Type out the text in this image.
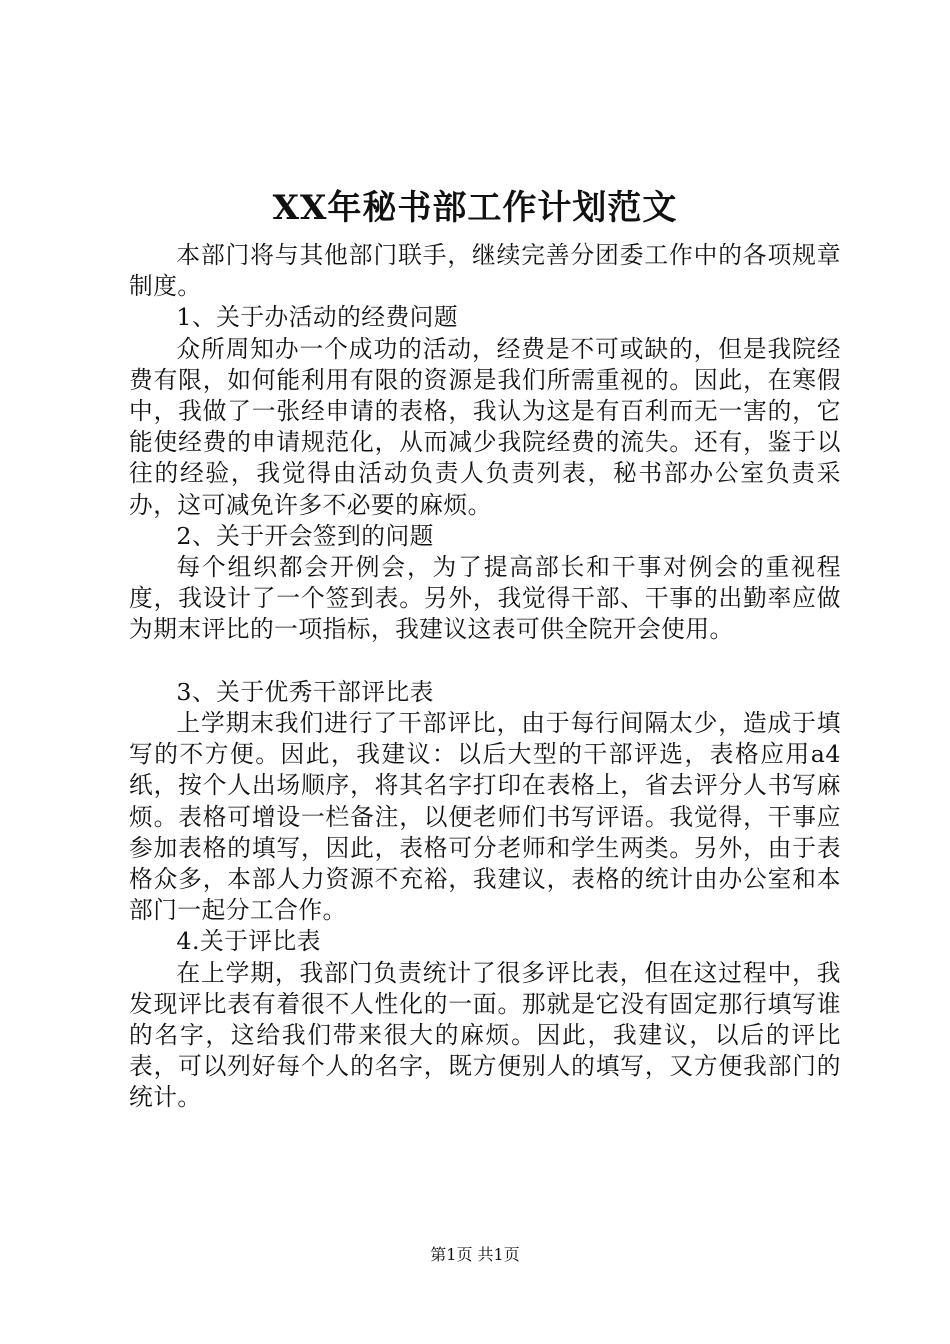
XX年秘书部工作计划范文

本部门将与其他部门联手，继续完善分团委工作中的各项规章制度。

1、关于办活动的经费问题

众所周知办一个成功的活动，经费是不可或缺的，但是我院经费有限，如何能利用有限的资源是我们所需重视的。因此，在寒假中，我做了一张经申请的表格，我认为这是有百利而无一害的，它能使经费的申请规范化，从而减少我院经费的流失。还有，鉴于以往的经验，我觉得由活动负责人负责列表，秘书部办公室负责采办，这可减免许多不必要的麻烦。

2、关于开会签到的问题

每个组织都会开例会，为了提高部长和干事对例会的重视程度，我设计了一个签到表。另外，我觉得干部、干事的出勤率应做为期末评比的一项指标，我建议这表可供全院开会使用。

3、关于优秀干部评比表

上学期末我们进行了干部评比，由于每行间隔太少，造成于填写的不方便。因此，我建议：以后大型的干部评选，表格应用a4纸，按个人出场顺序，将其名字打印在表格上，省去评分人书写麻烦。表格可增设一栏备注，以便老师们书写评语。我觉得，干事应参加表格的填写，因此，表格可分老师和学生两类。另外，由于表格众多，本部人力资源不充裕，我建议，表格的统计由办公室和本部门一起分工合作。

4.关于评比表

在上学期，我部门负责统计了很多评比表，但在这过程中，我发现评比表有着很不人性化的一面。那就是它没有固定那行填写谁的名字，这给我们带来很大的麻烦。因此，我建议，以后的评比表，可以列好每个人的名字，既方便别人的填写，又方便我部门的统计。

第1页 共1页
